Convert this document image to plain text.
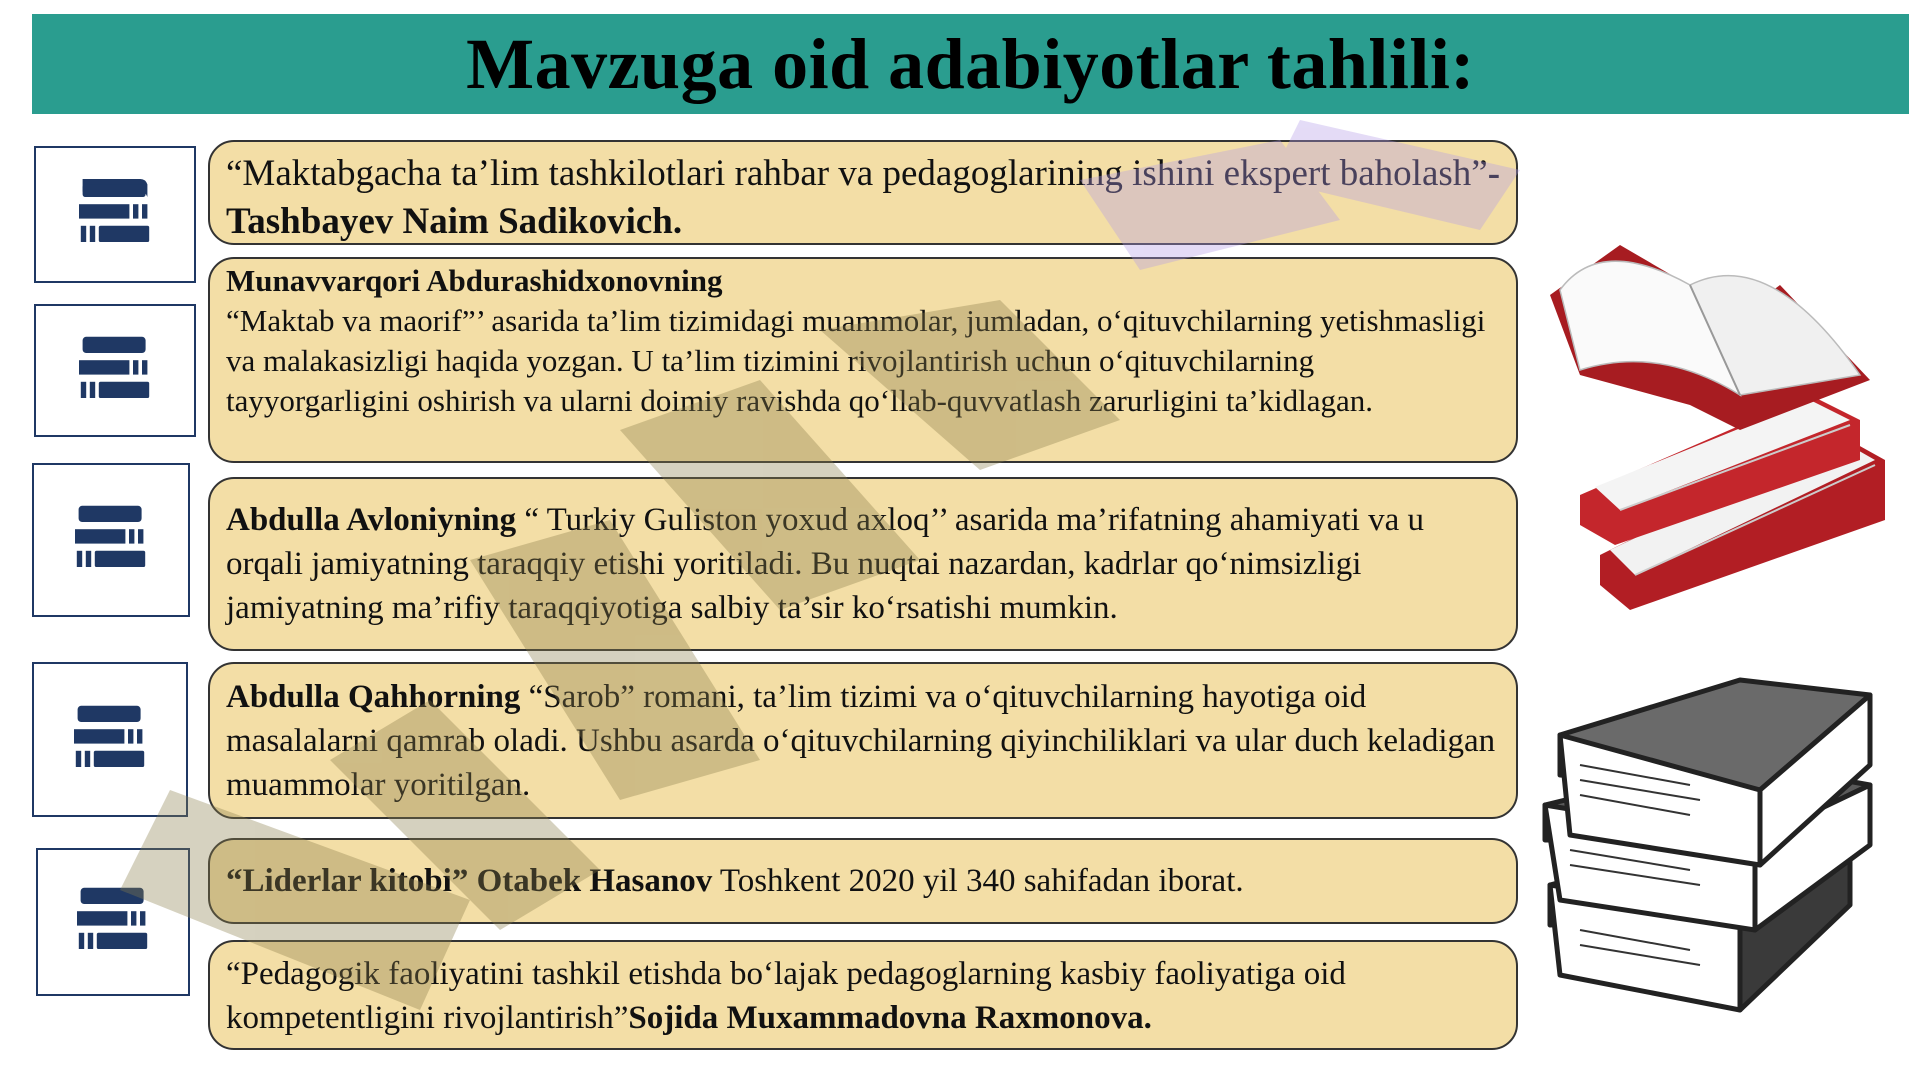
Mavzuga oid adabiyotlar tahlili:

“Maktabgacha ta’lim tashkilotlari rahbar va pedagoglarining ishini ekspert baholash”-Tashbayev Naim Sadikovich.

Munavvarqori Abdurashidxonovning

“Maktab va maorif”’ asarida ta’lim tizimidagi muammolar, jumladan, o‘qituvchilarning yetishmasligi va malakasizligi haqida yozgan. U ta’lim tizimini rivojlantirish uchun o‘qituvchilarning tayyorgarligini oshirish va ularni doimiy ravishda qo‘llab-quvvatlash zarurligini ta’kidlagan.

Abdulla Avloniyning “ Turkiy Guliston yoxud axloq’’ asarida ma’rifatning ahamiyati va u orqali jamiyatning taraqqiy etishi yoritiladi. Bu nuqtai nazardan, kadrlar qo‘nimsizligi jamiyatning ma’rifiy taraqqiyotiga salbiy ta’sir ko‘rsatishi mumkin.

Abdulla Qahhorning “Sarob” romani, ta’lim tizimi va o‘qituvchilarning hayotiga oid masalalarni qamrab oladi. Ushbu asarda o‘qituvchilarning qiyinchiliklari va ular duch keladigan muammolar yoritilgan.

“Liderlar kitobi” Otabek Hasanov Toshkent 2020 yil 340 sahifadan iborat.

“Pedagogik faoliyatini tashkil etishda bo‘lajak pedagoglarning kasbiy faoliyatiga oid kompetentligini rivojlantirish”Sojida Muxammadovna Raxmonova.
